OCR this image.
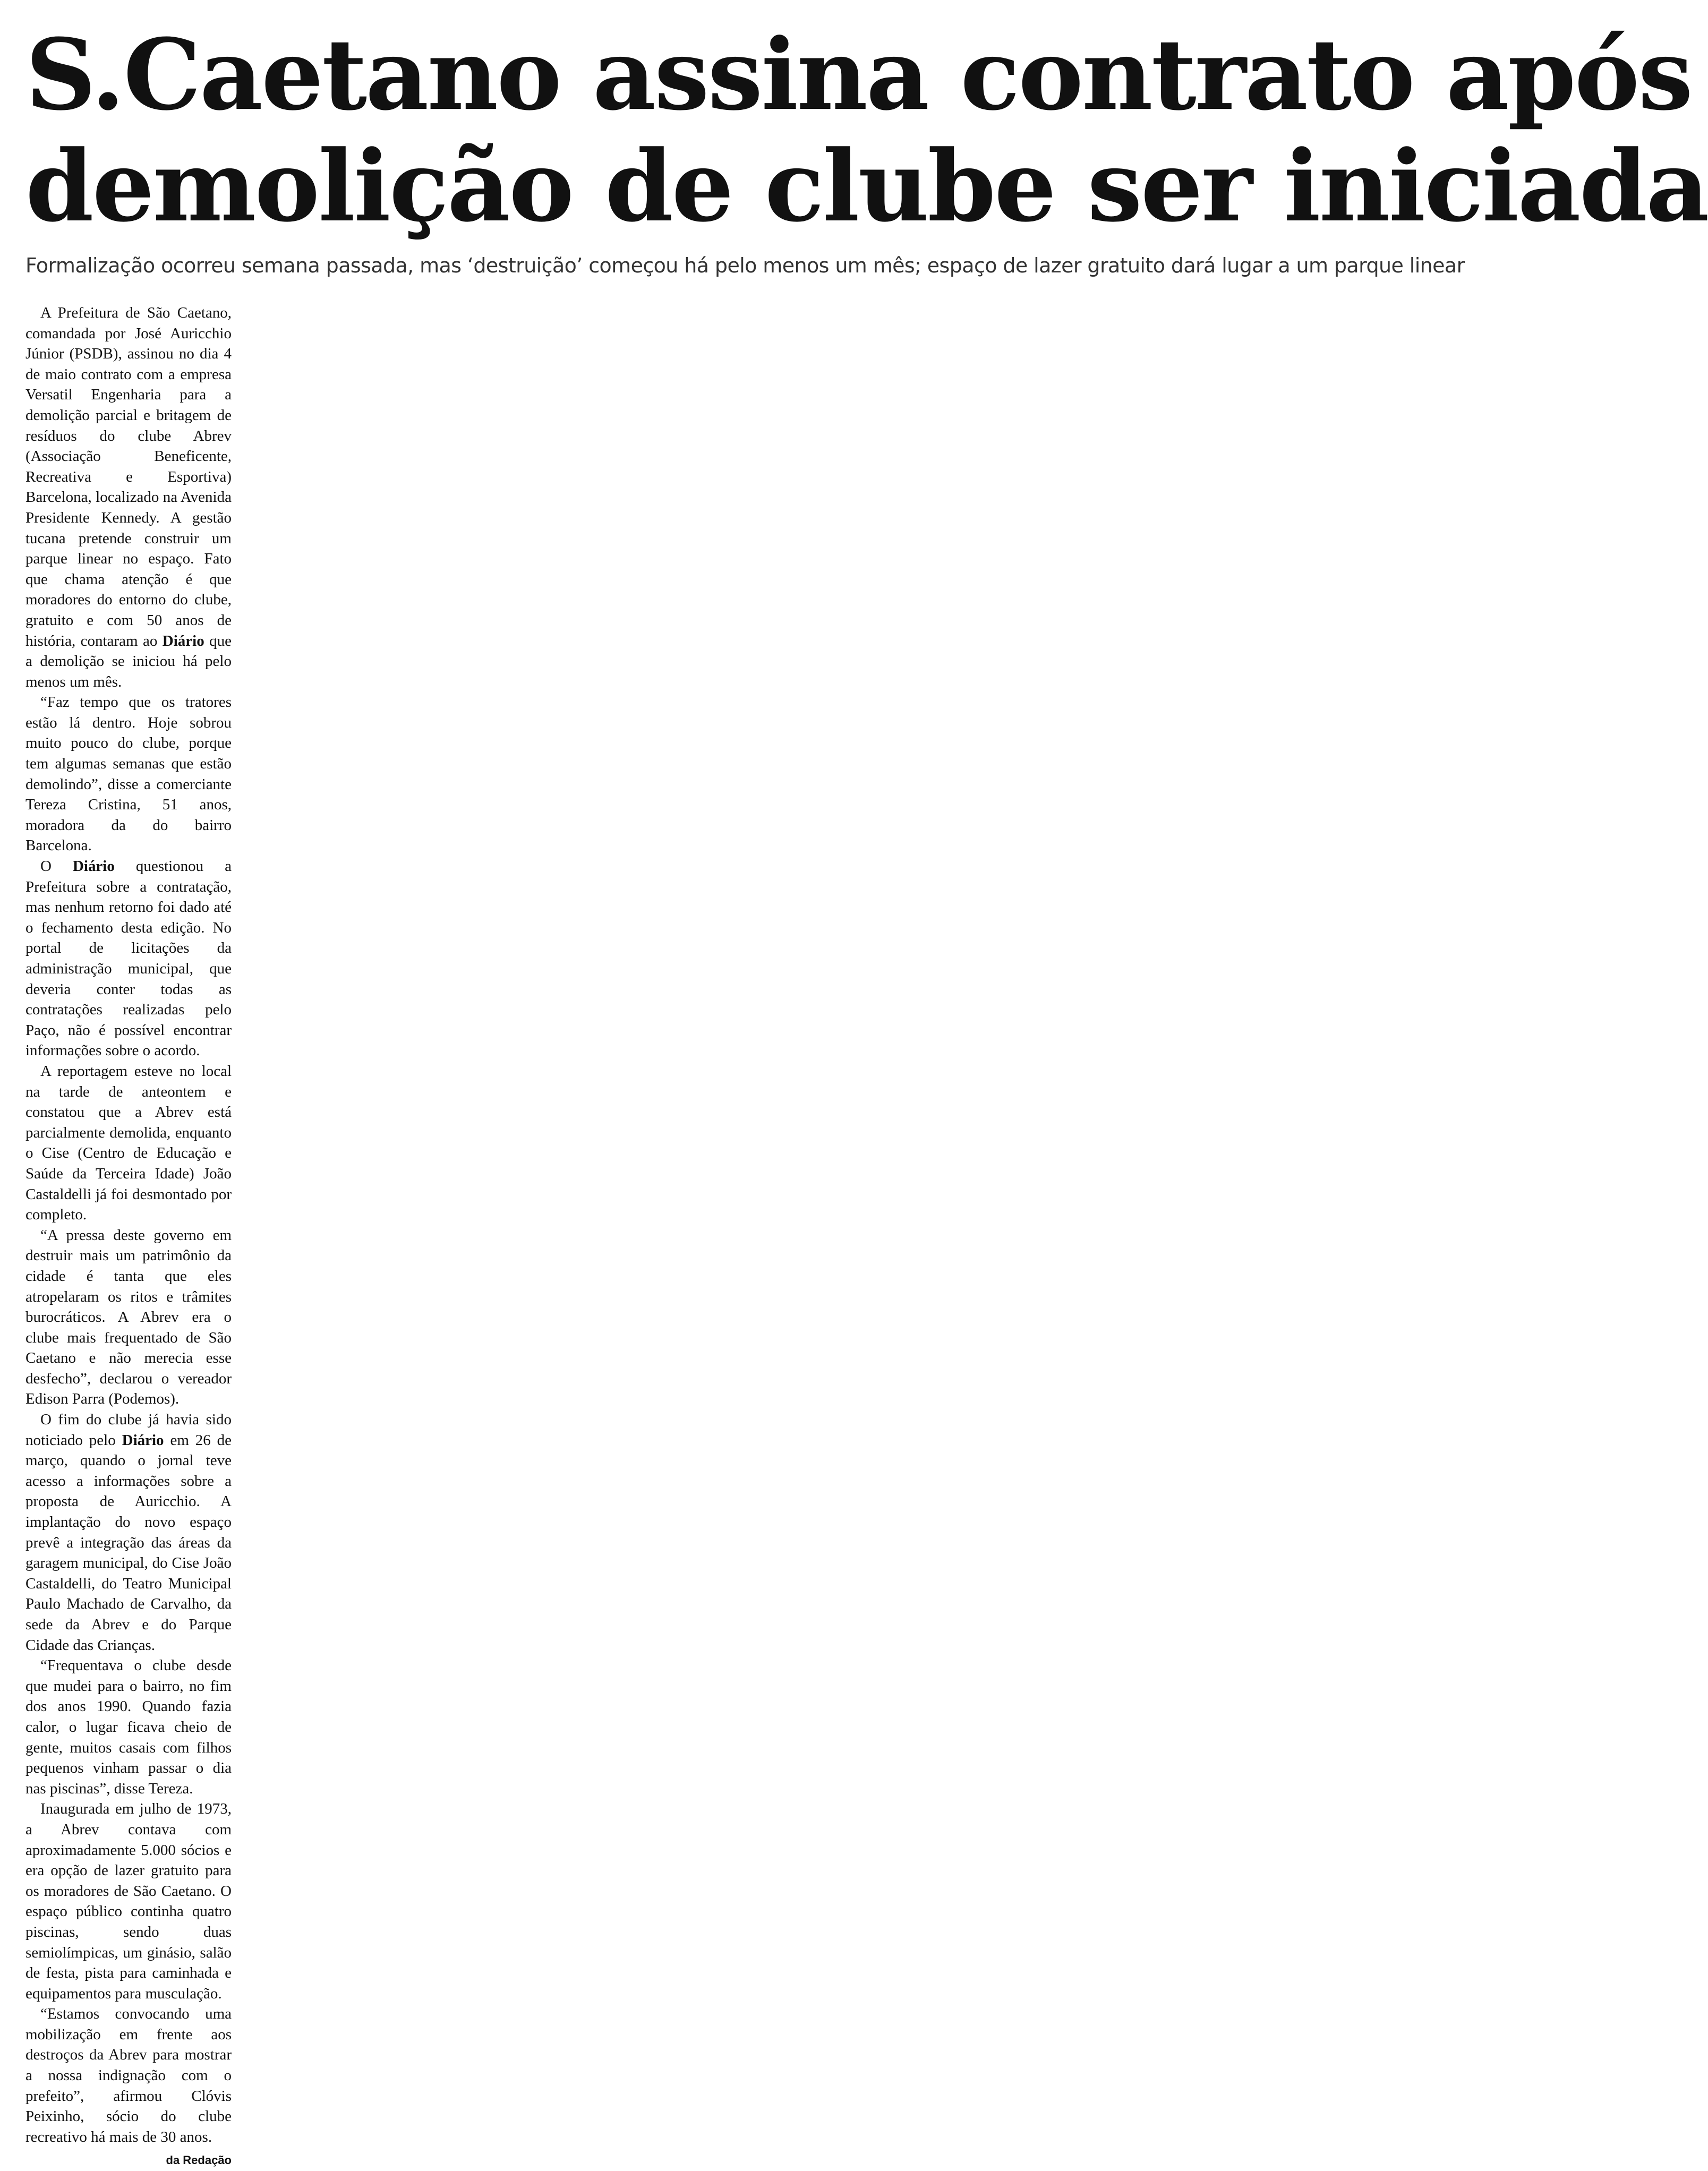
S.Caetano assina contrato após
demolição de clube ser iniciada
Formalização ocorreu semana passada, mas ‘destruição’ começou há pelo menos um mês; espaço de lazer gratuito dará lugar a um parque linear

A Prefeitura de São Caetano, comandada por José Auricchio Júnior (PSDB), assinou no dia 4 de maio contrato com a empresa Versatil Engenharia para a demolição parcial e britagem de resíduos do clube Abrev (Associação Beneficente, Recreativa e Esportiva) Barcelona, localizado na Avenida Presidente Kennedy. A gestão tucana pretende construir um parque linear no espaço. Fato que chama atenção é que moradores do entorno do clube, gratuito e com 50 anos de história, contaram ao Diário que a demolição se iniciou há pelo menos um mês.

“Faz tempo que os tratores estão lá dentro. Hoje sobrou muito pouco do clube, porque tem algumas semanas que estão demolindo”, disse a comerciante Tereza Cristina, 51 anos, moradora da do bairro Barcelona.

O Diário questionou a Prefeitura sobre a contratação, mas nenhum retorno foi dado até o fechamento desta edição. No portal de licitações da administração municipal, que deveria conter todas as contratações realizadas pelo Paço, não é possível encontrar informações sobre o acordo.

A reportagem esteve no local na tarde de anteontem e constatou que a Abrev está parcialmente demolida, enquanto o Cise (Centro de Educação e Saúde da Terceira Idade) João Castaldelli já foi desmontado por completo.

“A pressa deste governo em destruir mais um patrimônio da cidade é tanta que eles atropelaram os ritos e trâmites burocráticos. A Abrev era o clube mais frequentado de São Caetano e não merecia esse desfecho”, declarou o vereador Edison Parra (Podemos).

O fim do clube já havia sido noticiado pelo Diário em 26 de março, quando o jornal teve acesso a informações sobre a proposta de Auricchio. A implantação do novo espaço prevê a integração das áreas da garagem municipal, do Cise João Castaldelli, do Teatro Municipal Paulo Machado de Carvalho, da sede da Abrev e do Parque Cidade das Crianças.

“Frequentava o clube desde que mudei para o bairro, no fim dos anos 1990. Quando fazia calor, o lugar ficava cheio de gente, muitos casais com filhos pequenos vinham passar o dia nas piscinas”, disse Tereza.

Inaugurada em julho de 1973, a Abrev contava com aproximadamente 5.000 sócios e era opção de lazer gratuito para os moradores de São Caetano. O espaço público continha quatro piscinas, sendo duas semiolímpicas, um ginásio, salão de festa, pista para caminhada e equipamentos para musculação.

“Estamos convocando uma mobilização em frente aos destroços da Abrev para mostrar a nossa indignação com o prefeito”, afirmou Clóvis Peixinho, sócio do clube recreativo há mais de 30 anos.
da Redação
